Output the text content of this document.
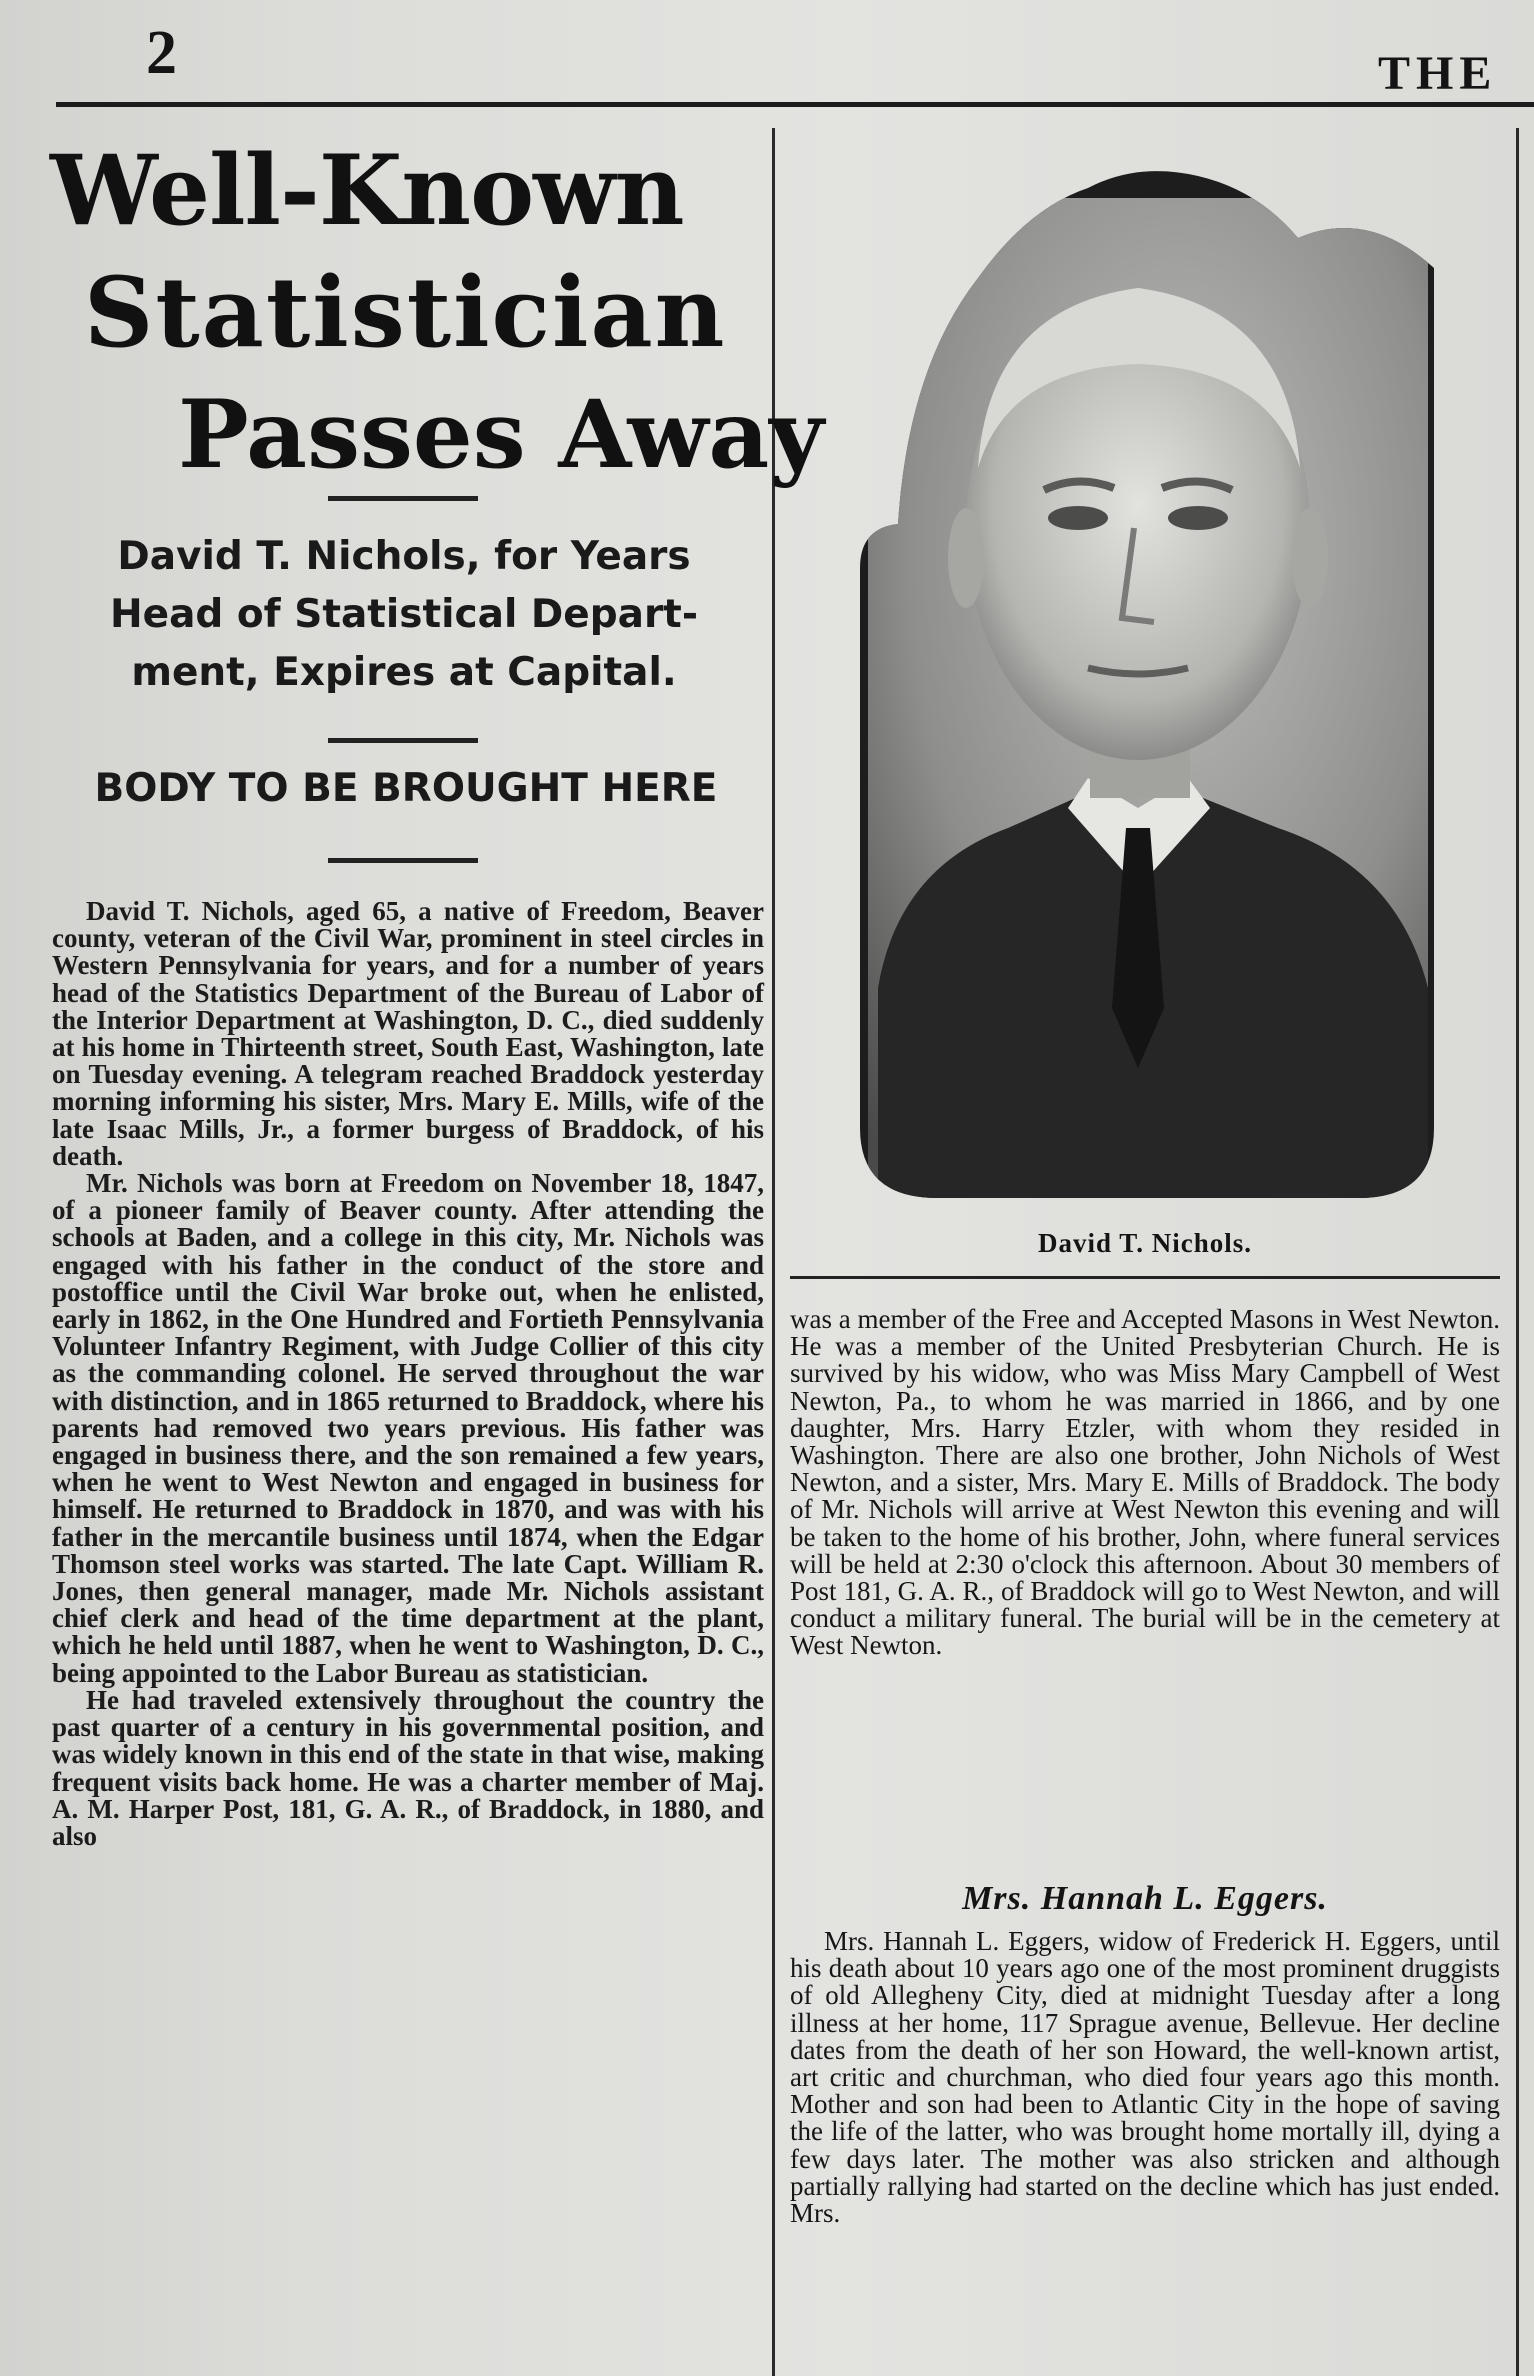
2	THE
Well-Known
Statistician
Passes Away
David T. Nichols, for Years
Head of Statistical Depart-
ment, Expires at Capital.
BODY TO BE BROUGHT HERE

David T. Nichols, aged 65, a native of Freedom, Beaver county, veteran of the Civil War, prominent in steel circles in Western Pennsylvania for years, and for a number of years head of the Statistics Department of the Bureau of Labor of the Interior Department at Washington, D. C., died suddenly at his home in Thirteenth street, South East, Washington, late on Tuesday evening. A telegram reached Braddock yesterday morning informing his sister, Mrs. Mary E. Mills, wife of the late Isaac Mills, Jr., a former burgess of Braddock, of his death.

Mr. Nichols was born at Freedom on November 18, 1847, of a pioneer family of Beaver county. After attending the schools at Baden, and a college in this city, Mr. Nichols was engaged with his father in the conduct of the store and postoffice until the Civil War broke out, when he enlisted, early in 1862, in the One Hundred and Fortieth Pennsylvania Volunteer Infantry Regiment, with Judge Collier of this city as the commanding colonel. He served throughout the war with distinction, and in 1865 returned to Braddock, where his parents had removed two years previous. His father was engaged in business there, and the son remained a few years, when he went to West Newton and engaged in business for himself. He returned to Braddock in 1870, and was with his father in the mercantile business until 1874, when the Edgar Thomson steel works was started. The late Capt. William R. Jones, then general manager, made Mr. Nichols assistant chief clerk and head of the time department at the plant, which he held until 1887, when he went to Washington, D. C., being appointed to the Labor Bureau as statistician.

He had traveled extensively throughout the country the past quarter of a century in his governmental position, and was widely known in this end of the state in that wise, making frequent visits back home. He was a charter member of Maj. A. M. Harper Post, 181, G. A. R., of Braddock, in 1880, and also

David T. Nichols.

was a member of the Free and Accepted Masons in West Newton. He was a member of the United Presbyterian Church. He is survived by his widow, who was Miss Mary Campbell of West Newton, Pa., to whom he was married in 1866, and by one daughter, Mrs. Harry Etzler, with whom they resided in Washington. There are also one brother, John Nichols of West Newton, and a sister, Mrs. Mary E. Mills of Braddock. The body of Mr. Nichols will arrive at West Newton this evening and will be taken to the home of his brother, John, where funeral services will be held at 2:30 o'clock this afternoon. About 30 members of Post 181, G. A. R., of Braddock will go to West Newton, and will conduct a military funeral. The burial will be in the cemetery at West Newton.

Mrs. Hannah L. Eggers.

Mrs. Hannah L. Eggers, widow of Frederick H. Eggers, until his death about 10 years ago one of the most prominent druggists of old Allegheny City, died at midnight Tuesday after a long illness at her home, 117 Sprague avenue, Bellevue. Her decline dates from the death of her son Howard, the well-known artist, art critic and churchman, who died four years ago this month. Mother and son had been to Atlantic City in the hope of saving the life of the latter, who was brought home mortally ill, dying a few days later. The mother was also stricken and although partially rallying had started on the decline which has just ended. Mrs.
